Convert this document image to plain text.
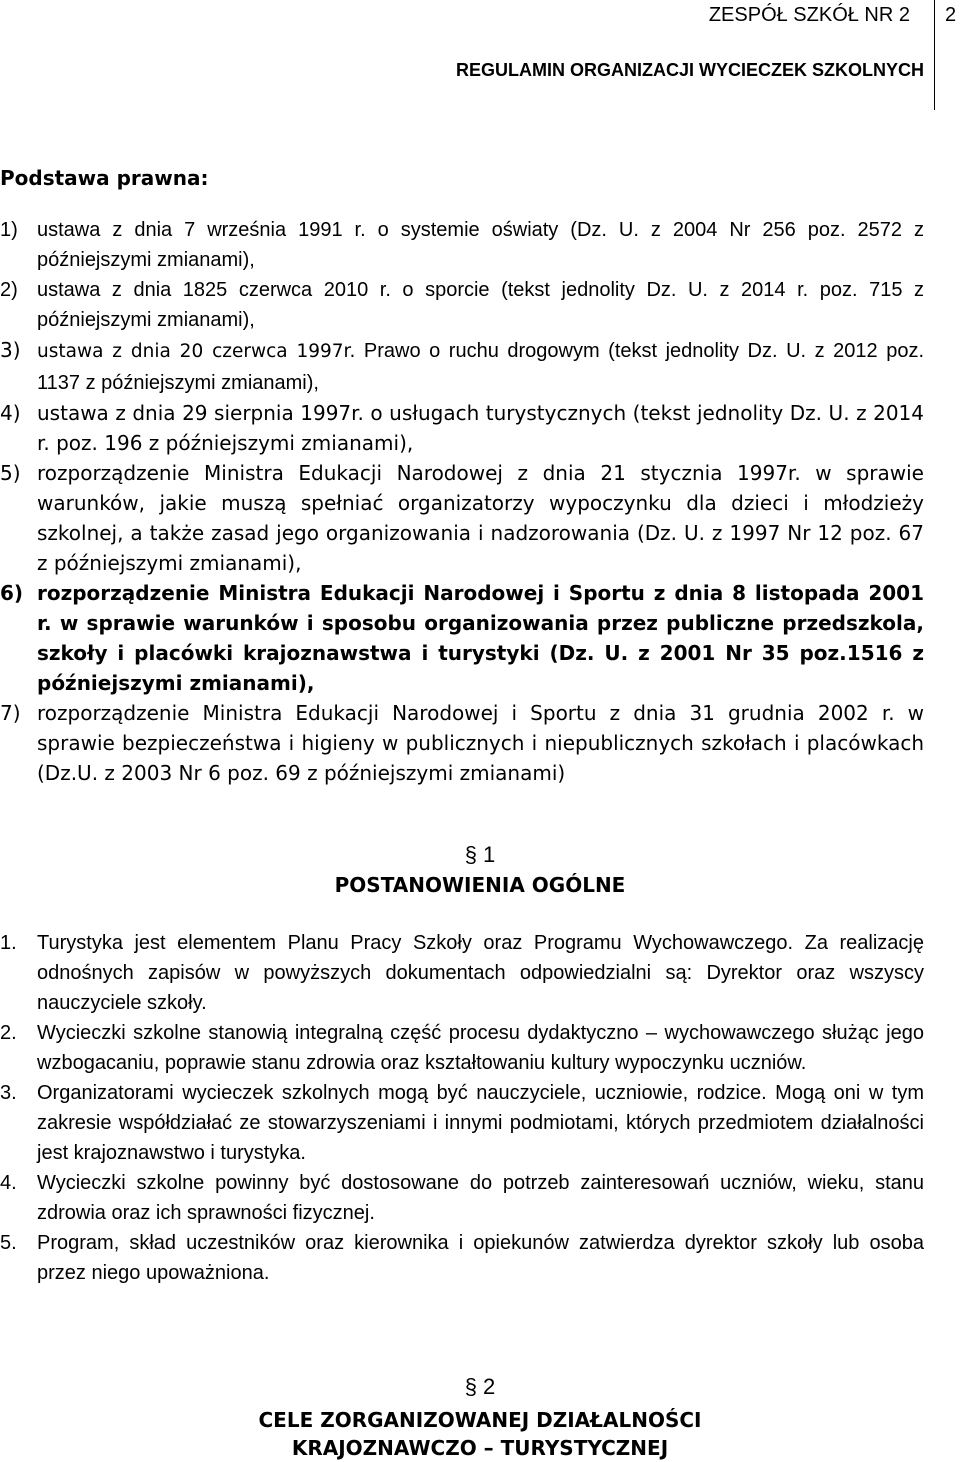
ZESPÓŁ SZKÓŁ NR 2 2
REGULAMIN ORGANIZACJI WYCIECZEK SZKOLNYCH
Podstawa prawna:
1) ustawa z dnia 7 września 1991 r. o systemie oświaty (Dz. U. z 2004 Nr 256 poz. 2572 z późniejszymi zmianami),
2) ustawa z dnia 1825 czerwca 2010 r. o sporcie (tekst jednolity Dz. U. z 2014 r. poz. 715 z późniejszymi zmianami),
3) ustawa z dnia 20 czerwca 1997r. Prawo o ruchu drogowym (tekst jednolity Dz. U. z 2012 poz. 1137 z późniejszymi zmianami),
4) ustawa z dnia 29 sierpnia 1997r. o usługach turystycznych (tekst jednolity Dz. U. z 2014 r. poz. 196 z późniejszymi zmianami),
5) rozporządzenie Ministra Edukacji Narodowej z dnia 21 stycznia 1997r. w sprawie warunków, jakie muszą spełniać organizatorzy wypoczynku dla dzieci i młodzieży szkolnej, a także zasad jego organizowania i nadzorowania (Dz. U. z 1997 Nr 12 poz. 67 z późniejszymi zmianami),
6) rozporządzenie Ministra Edukacji Narodowej i Sportu z dnia 8 listopada 2001 r. w sprawie warunków i sposobu organizowania przez publiczne przedszkola, szkoły i placówki krajoznawstwa i turystyki (Dz. U. z 2001 Nr 35 poz.1516 z późniejszymi zmianami),
7) rozporządzenie Ministra Edukacji Narodowej i Sportu z dnia 31 grudnia 2002 r. w sprawie bezpieczeństwa i higieny w publicznych i niepublicznych szkołach i placówkach (Dz.U. z 2003 Nr 6 poz. 69 z późniejszymi zmianami)
§ 1
POSTANOWIENIA OGÓLNE
1. Turystyka jest elementem Planu Pracy Szkoły oraz Programu Wychowawczego. Za realizację odnośnych zapisów w powyższych dokumentach odpowiedzialni są: Dyrektor oraz wszyscy nauczyciele szkoły.
2. Wycieczki szkolne stanowią integralną część procesu dydaktyczno – wychowawczego służąc jego wzbogacaniu, poprawie stanu zdrowia oraz kształtowaniu kultury wypoczynku uczniów.
3. Organizatorami wycieczek szkolnych mogą być nauczyciele, uczniowie, rodzice. Mogą oni w tym zakresie współdziałać ze stowarzyszeniami i innymi podmiotami, których przedmiotem działalności jest krajoznawstwo i turystyka.
4. Wycieczki szkolne powinny być dostosowane do potrzeb zainteresowań uczniów, wieku, stanu zdrowia oraz ich sprawności fizycznej.
5. Program, skład uczestników oraz kierownika i opiekunów zatwierdza dyrektor szkoły lub osoba przez niego upoważniona.
§ 2
CELE ZORGANIZOWANEJ DZIAŁALNOŚCI KRAJOZNAWCZO – TURYSTYCZNEJ
